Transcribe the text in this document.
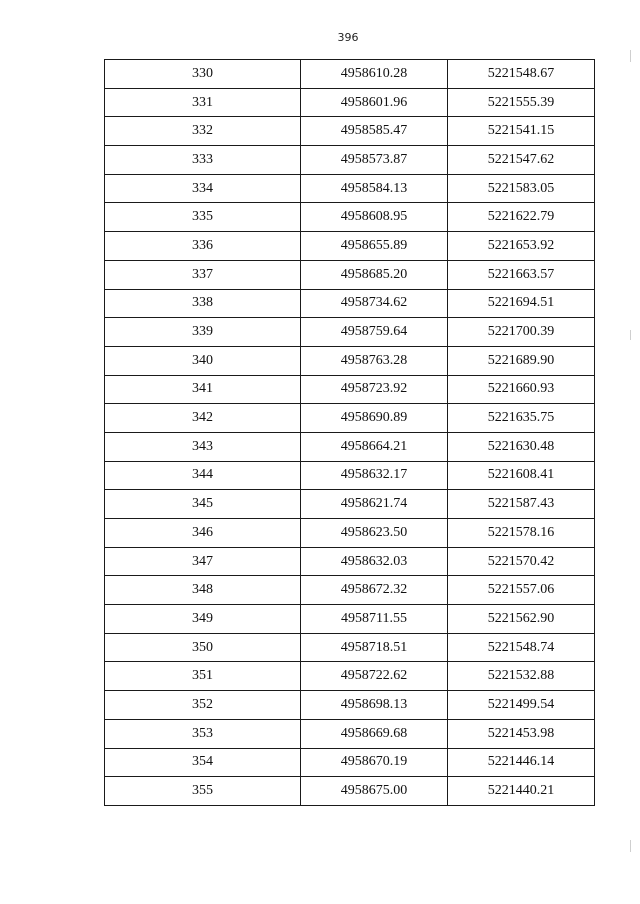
396
330	4958610.28	5221548.67
331	4958601.96	5221555.39
332	4958585.47	5221541.15
333	4958573.87	5221547.62
334	4958584.13	5221583.05
335	4958608.95	5221622.79
336	4958655.89	5221653.92
337	4958685.20	5221663.57
338	4958734.62	5221694.51
339	4958759.64	5221700.39
340	4958763.28	5221689.90
341	4958723.92	5221660.93
342	4958690.89	5221635.75
343	4958664.21	5221630.48
344	4958632.17	5221608.41
345	4958621.74	5221587.43
346	4958623.50	5221578.16
347	4958632.03	5221570.42
348	4958672.32	5221557.06
349	4958711.55	5221562.90
350	4958718.51	5221548.74
351	4958722.62	5221532.88
352	4958698.13	5221499.54
353	4958669.68	5221453.98
354	4958670.19	5221446.14
355	4958675.00	5221440.21
